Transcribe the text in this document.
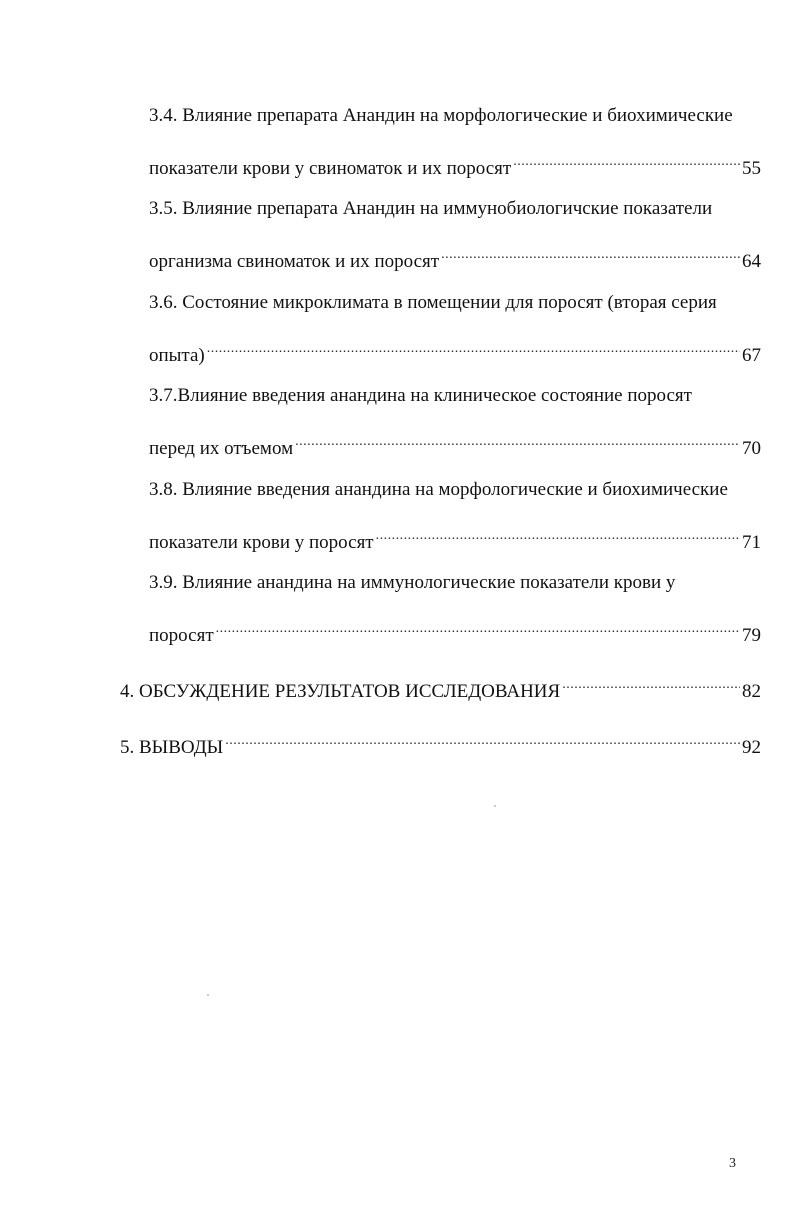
3.4. Влияние препарата Анандин на морфологические и биохимические
показатели крови у свиноматок и их поросят .....	55
3.5. Влияние препарата Анандин на иммунобиологичские показатели
организма свиноматок и их поросят .....	64
3.6. Состояние микроклимата в помещении для поросят (вторая серия
опыта) .....	67
3.7.Влияние введения анандина на клиническое состояние поросят
перед их отъемом .....	70
3.8. Влияние введения анандина на морфологические и биохимические
показатели крови у поросят .....	71
3.9. Влияние анандина на иммунологические показатели крови у
поросят .....	79
4. ОБСУЖДЕНИЕ РЕЗУЛЬТАТОВ ИССЛЕДОВАНИЯ .....	82
5. ВЫВОДЫ .....	92
3
